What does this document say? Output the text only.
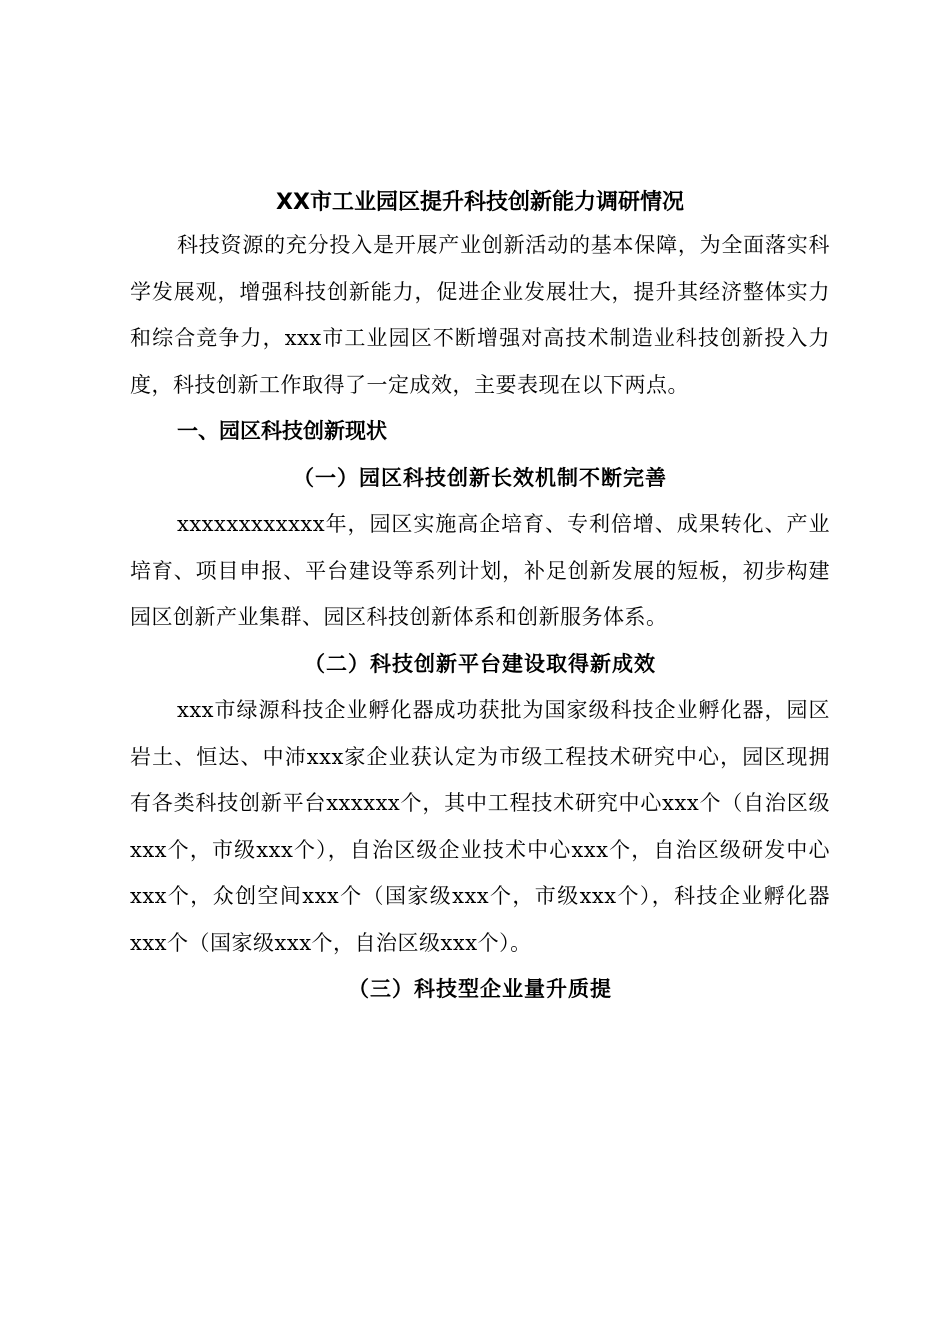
XX市工业园区提升科技创新能力调研情况

科技资源的充分投入是开展产业创新活动的基本保障，为全面落实科学发展观，增强科技创新能力，促进企业发展壮大，提升其经济整体实力和综合竞争力，xxx市工业园区不断增强对高技术制造业科技创新投入力度，科技创新工作取得了一定成效，主要表现在以下两点。

一、园区科技创新现状
（一）园区科技创新长效机制不断完善

xxxxxxxxxxxx年，园区实施高企培育、专利倍增、成果转化、产业培育、项目申报、平台建设等系列计划，补足创新发展的短板，初步构建园区创新产业集群、园区科技创新体系和创新服务体系。

（二）科技创新平台建设取得新成效

xxx市绿源科技企业孵化器成功获批为国家级科技企业孵化器，园区岩土、恒达、中沛xxx家企业获认定为市级工程技术研究中心，园区现拥有各类科技创新平台xxxxxx个，其中工程技术研究中心xxx个（自治区级xxx个，市级xxx个），自治区级企业技术中心xxx个，自治区级研发中心xxx个，众创空间xxx个（国家级xxx个，市级xxx个），科技企业孵化器xxx个（国家级xxx个，自治区级xxx个）。

（三）科技型企业量升质提
